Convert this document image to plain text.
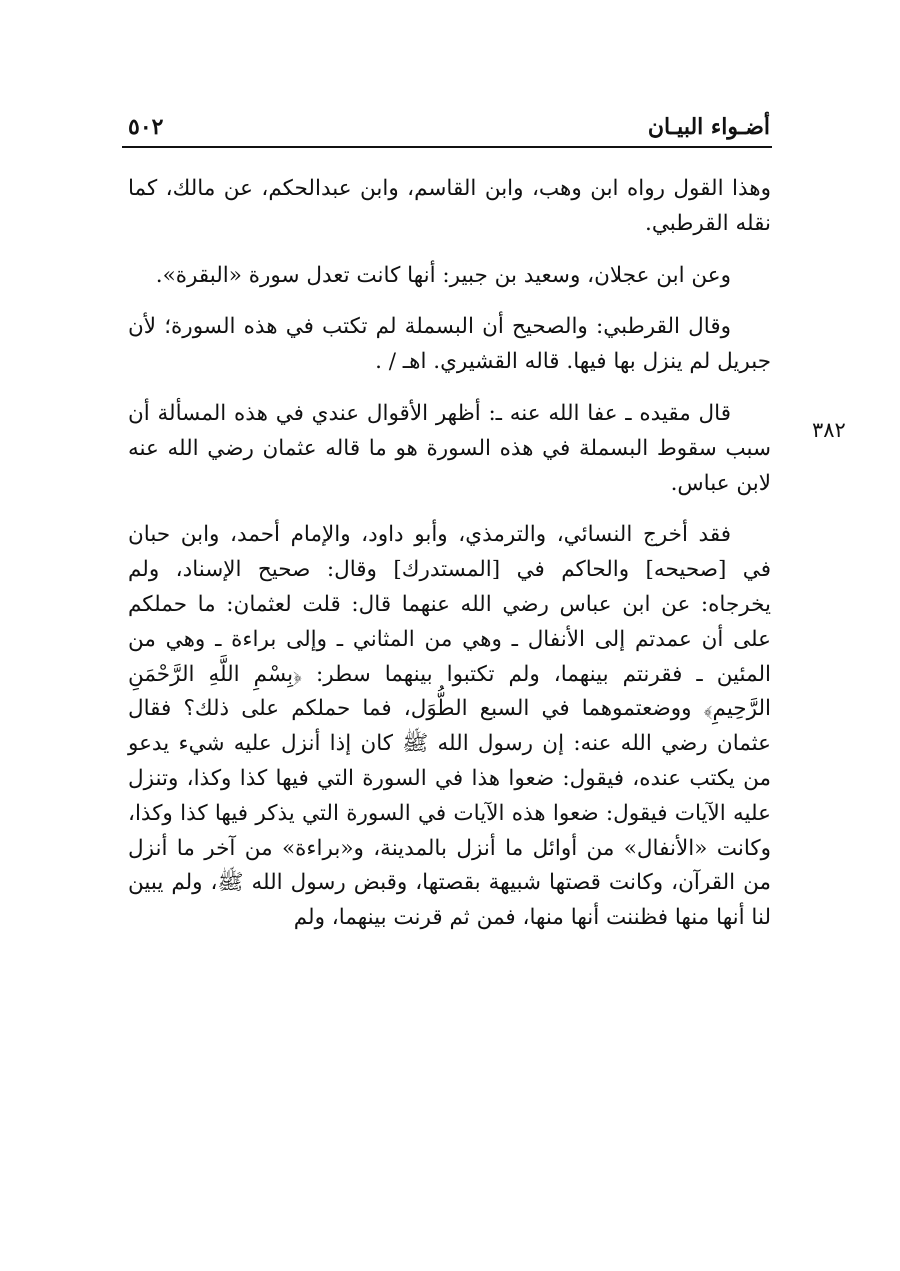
أضـواء البيـان
٥٠٢
٣٨٢

وهذا القول رواه ابن وهب، وابن القاسم، وابن عبدالحكم، عن مالك، كما نقله القرطبي.

وعن ابن عجلان، وسعيد بن جبير: أنها كانت تعدل سورة «البقرة».

وقال القرطبي: والصحيح أن البسملة لم تكتب في هذه السورة؛ لأن جبريل لم ينزل بها فيها. قاله القشيري. اهـ / .

قال مقيده ـ عفا الله عنه ـ: أظهر الأقوال عندي في هذه المسألة أن سبب سقوط البسملة في هذه السورة هو ما قاله عثمان رضي الله عنه لابن عباس.

فقد أخرج النسائي، والترمذي، وأبو داود، والإمام أحمد، وابن حبان في [صحيحه] والحاكم في [المستدرك] وقال: صحيح الإسناد، ولم يخرجاه: عن ابن عباس رضي الله عنهما قال: قلت لعثمان: ما حملكم على أن عمدتم إلى الأنفال ـ وهي من المثاني ـ وإلى براءة ـ وهي من المئين ـ فقرنتم بينهما، ولم تكتبوا بينهما سطر: ﴿بِسْمِ اللَّهِ الرَّحْمَنِ الرَّحِيمِ﴾ ووضعتموهما في السبع الطُّوَل، فما حملكم على ذلك؟ فقال عثمان رضي الله عنه: إن رسول الله ﷺ كان إذا أنزل عليه شيء يدعو من يكتب عنده، فيقول: ضعوا هذا في السورة التي فيها كذا وكذا، وتنزل عليه الآيات فيقول: ضعوا هذه الآيات في السورة التي يذكر فيها كذا وكذا، وكانت «الأنفال» من أوائل ما أنزل بالمدينة، و«براءة» من آخر ما أنزل من القرآن، وكانت قصتها شبيهة بقصتها، وقبض رسول الله ﷺ، ولم يبين لنا أنها منها فظننت أنها منها، فمن ثم قرنت بينهما، ولم
